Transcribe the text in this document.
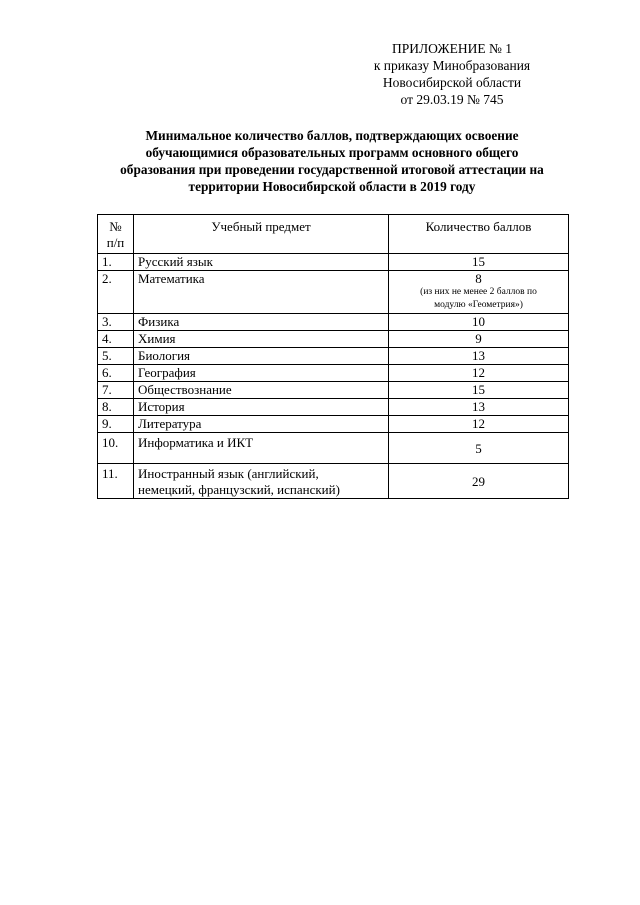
ПРИЛОЖЕНИЕ № 1
к приказу Минобразования
Новосибирской области
от 29.03.19 № 745
Минимальное количество баллов, подтверждающих освоение
обучающимися образовательных программ основного общего
образования при проведении государственной итоговой аттестации на
территории Новосибирской области в 2019 году
№
п/п	Учебный предмет	Количество баллов
1.	Русский язык	15
2.	Математика	8
(из них не менее 2 баллов по
модулю «Геометрия»)

3.	Физика	10
4.	Химия	9
5.	Биология	13
6.	География	12
7.	Обществознание	15
8.	История	13
9.	Литература	12
10.	Информатика и ИКТ	5
11.	Иностранный язык (английский,
немецкий, французский, испанский)	29
